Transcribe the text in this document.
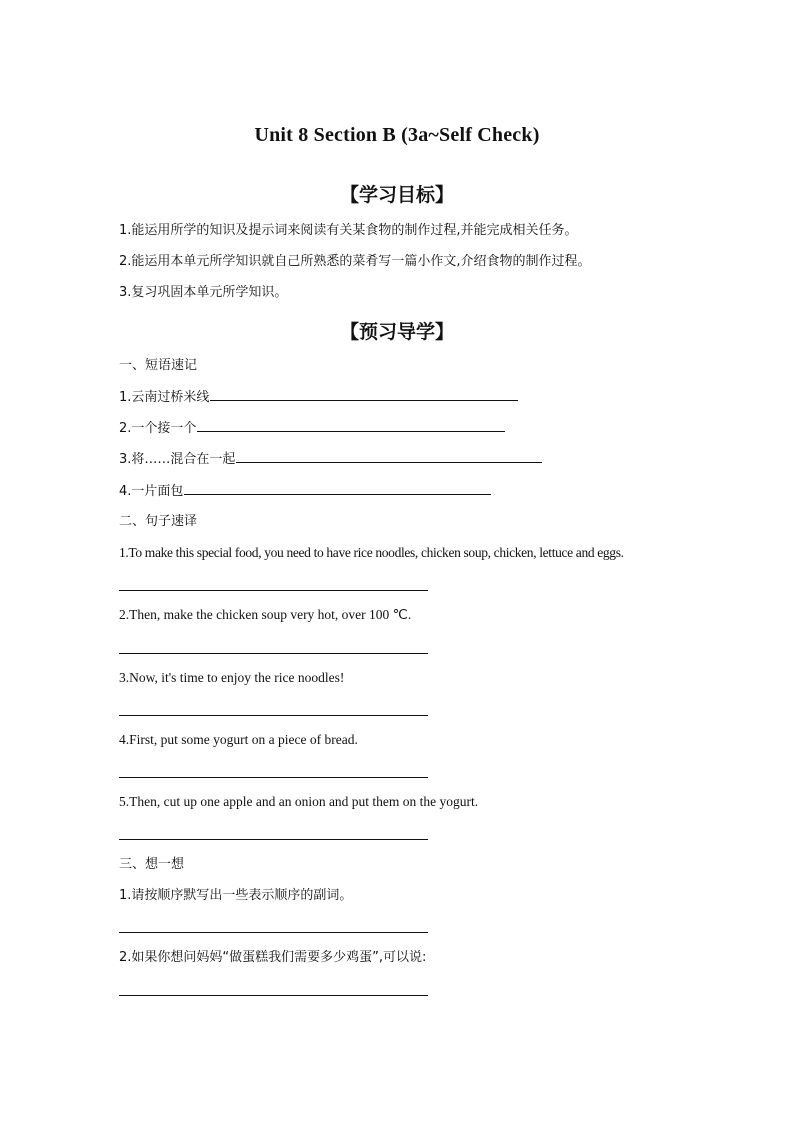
Unit 8 Section B (3a~Self Check)
【学习目标】
1.能运用所学的知识及提示词来阅读有关某食物的制作过程,并能完成相关任务。
2.能运用本单元所学知识就自己所熟悉的菜肴写一篇小作文,介绍食物的制作过程。
3.复习巩固本单元所学知识。
【预习导学】
一、短语速记
1.云南过桥米线
2.一个接一个
3.将……混合在一起
4.一片面包
二、句子速译
1.To make this special food, you need to have rice noodles, chicken soup, chicken, lettuce and eggs.
2.Then, make the chicken soup very hot, over 100 ℃.
3.Now, it's time to enjoy the rice noodles!
4.First, put some yogurt on a piece of bread.
5.Then, cut up one apple and an onion and put them on the yogurt.
三、想一想
1.请按顺序默写出一些表示顺序的副词。
2.如果你想问妈妈“做蛋糕我们需要多少鸡蛋”,可以说:
